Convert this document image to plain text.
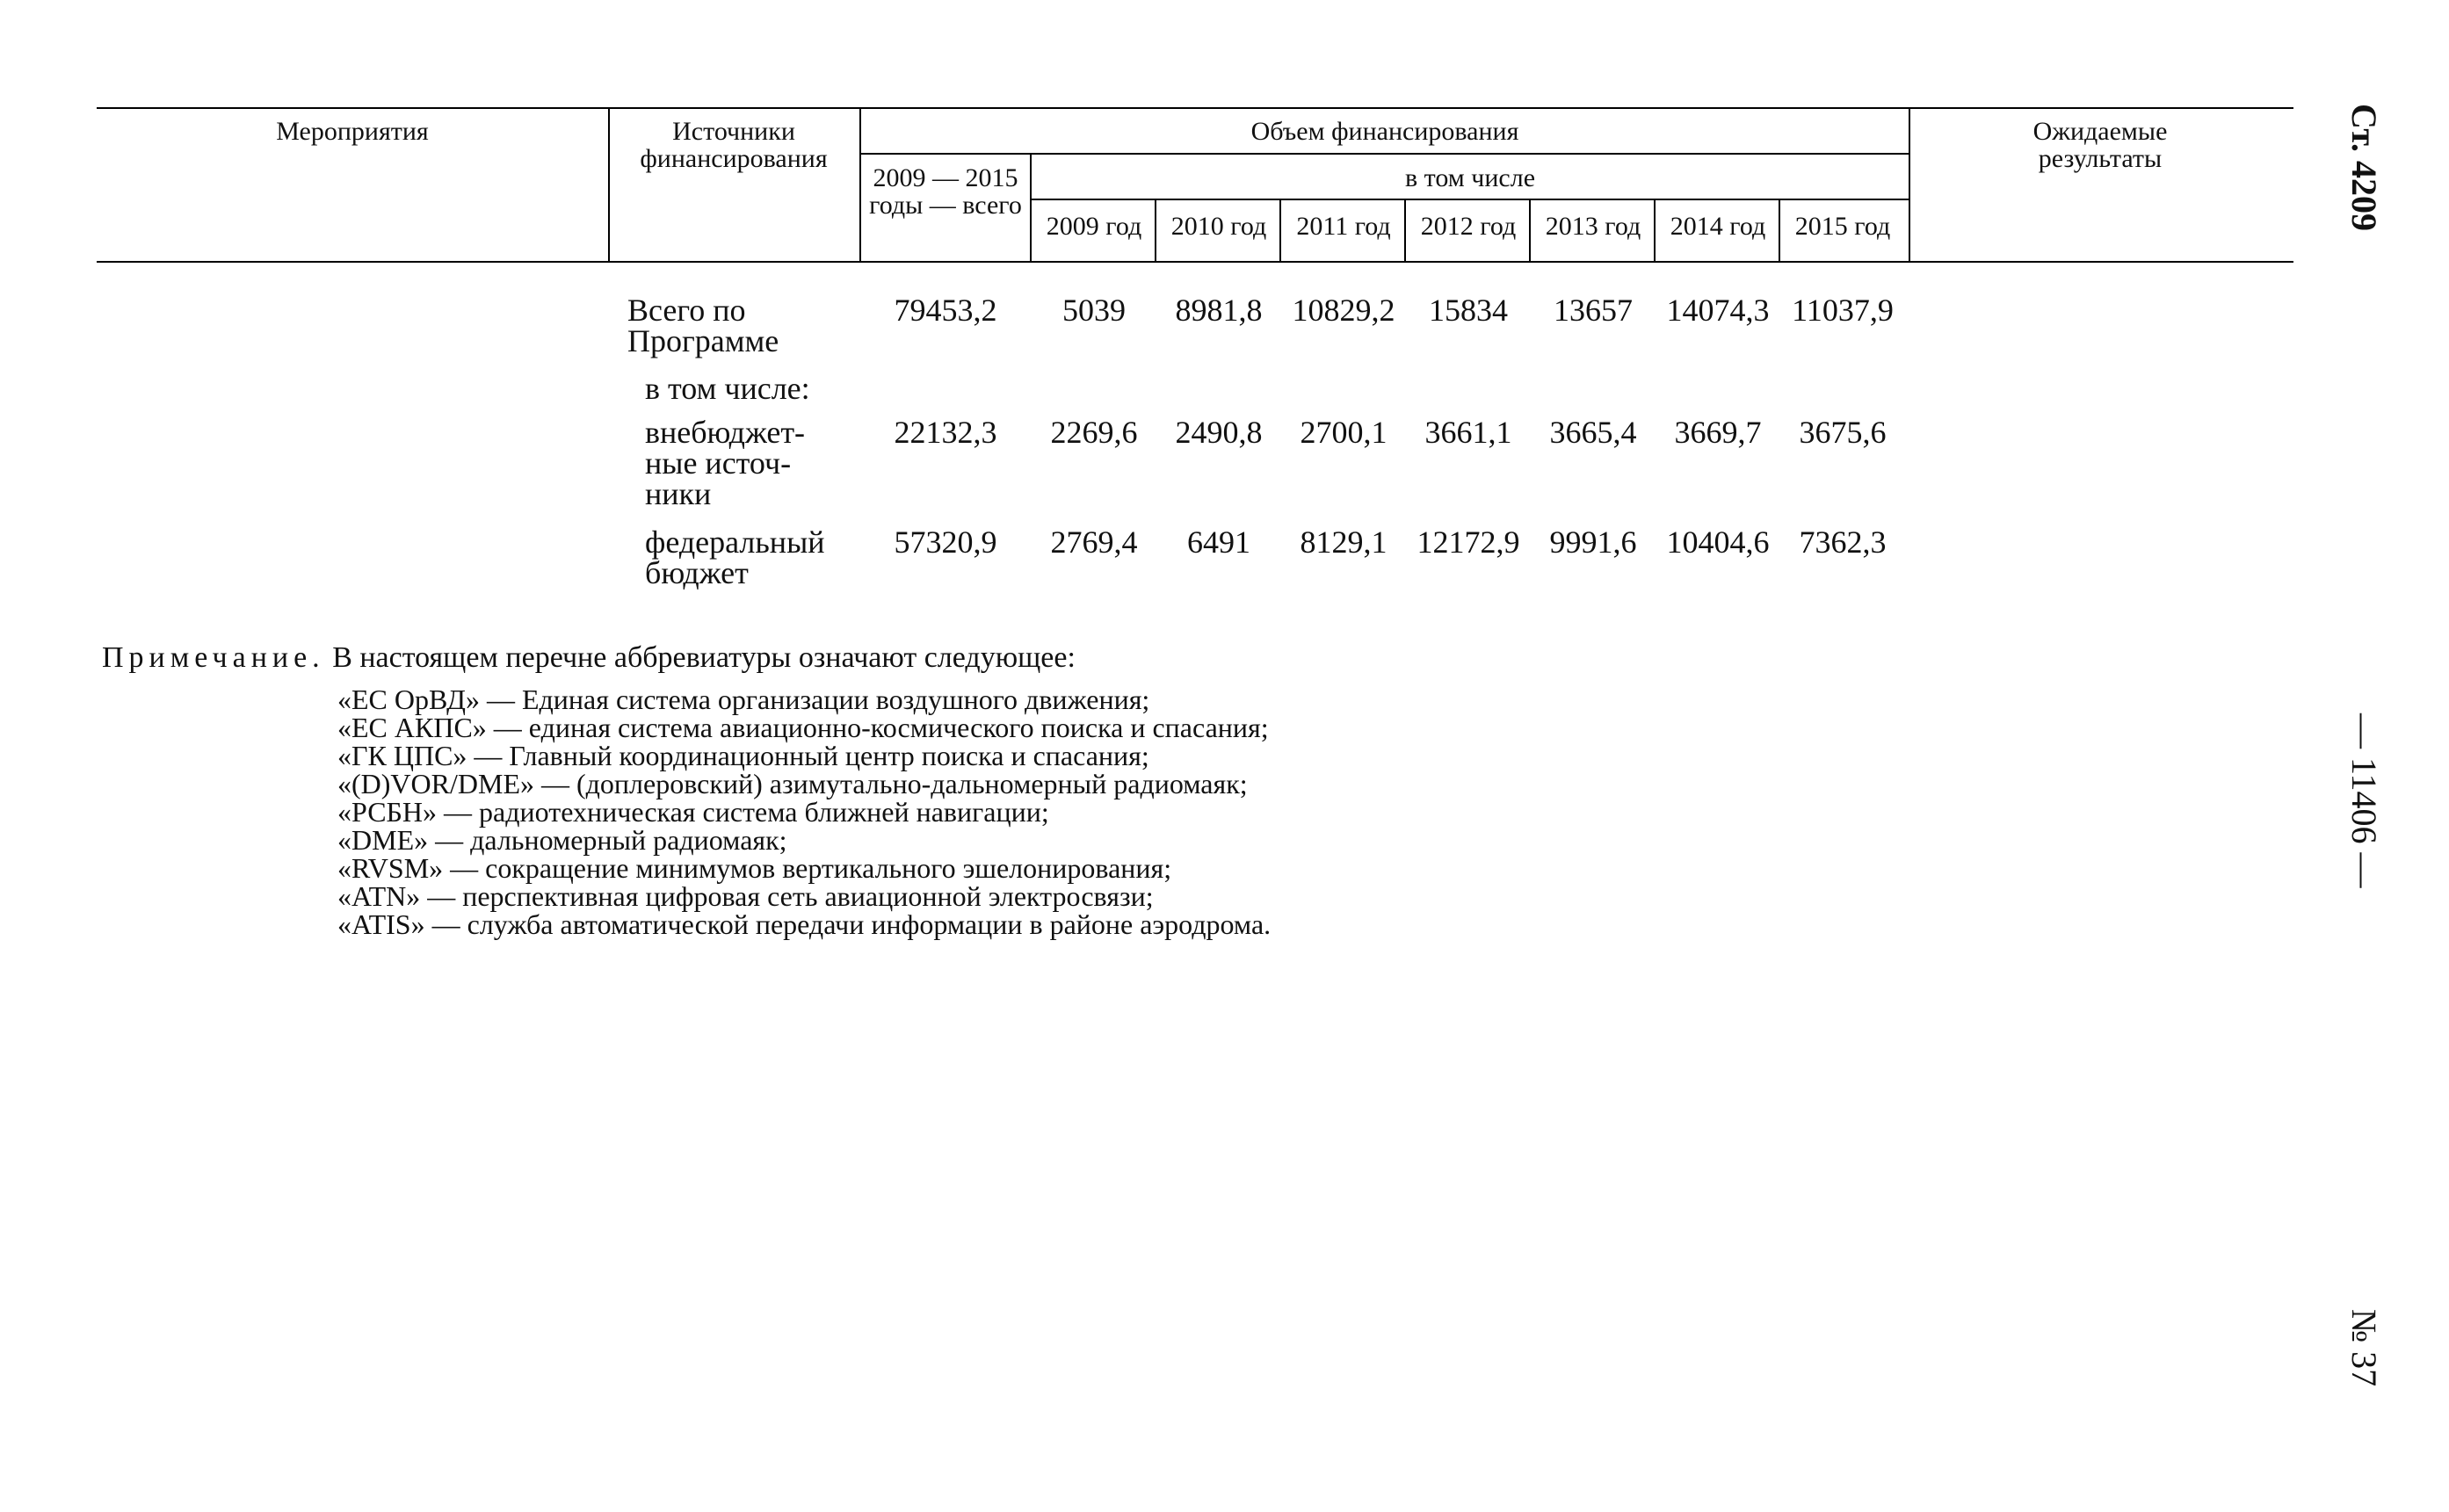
Мероприятия	Источники финансирования
Объем финансирования
2009 — 2015 годы — всего
в том числе
Ожидаемые результаты
2009 год	2010 год	2011 год	2012 год	2013 год	2014 год	2015 год
Всего по Программе
79453,2	5039	8981,8 10829,2	15834	13657	14074,3 11037,9
в том числе:
внебюджет- ные источ- ники
22132,3	2269,6	2490,8	2700,1	3661,1	3665,4	3669,7	3675,6
федеральный бюджет
57320,9	2769,4	6491	8129,1 12172,9 9991,6 10404,6 7362,3
Примечание. В настоящем перечне аббревиатуры означают следующее:
«ЕС ОрВД» — Единая система организации воздушного движения;
«ЕС АКПС» — единая система авиационно-космического поиска и спасания;
«ГК ЦПС» — Главный координационный центр поиска и спасания;
«(D)VOR/DME» — (доплеровский) азимутально-дальномерный радиомаяк;
«РСБН» — радиотехническая система ближней навигации;
«DME» — дальномерный радиомаяк;
«RVSM» — сокращение минимумов вертикального эшелонирования;
«ATN» — перспективная цифровая сеть авиационной электросвязи;
«ATIS» — служба автоматической передачи информации в районе аэродрома.
Ст. 4209
— 11406 —
№ 37
